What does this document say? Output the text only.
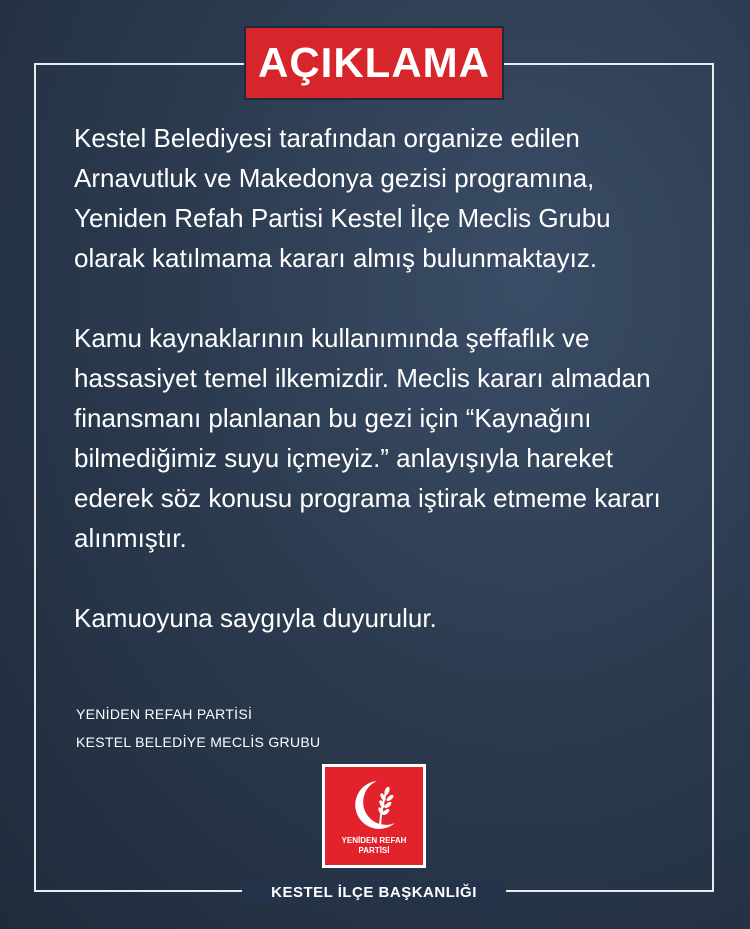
AÇIKLAMA

Kestel Belediyesi tarafından organize edilen Arnavutluk ve Makedonya gezisi programına, Yeniden Refah Partisi Kestel İlçe Meclis Grubu olarak katılmama kararı almış bulunmaktayız.

Kamu kaynaklarının kullanımında şeffaflık ve hassasiyet temel ilkemizdir. Meclis kararı almadan finansmanı planlanan bu gezi için “Kaynağını bilmediğimiz suyu içmeyiz.” anlayışıyla hareket ederek söz konusu programa iştirak etmeme kararı alınmıştır.

Kamuoyuna saygıyla duyurulur.

YENİDEN REFAH PARTİSİ
KESTEL BELEDİYE MECLİS GRUBU
YENİDEN REFAH
PARTİSİ
KESTEL İLÇE BAŞKANLIĞI
